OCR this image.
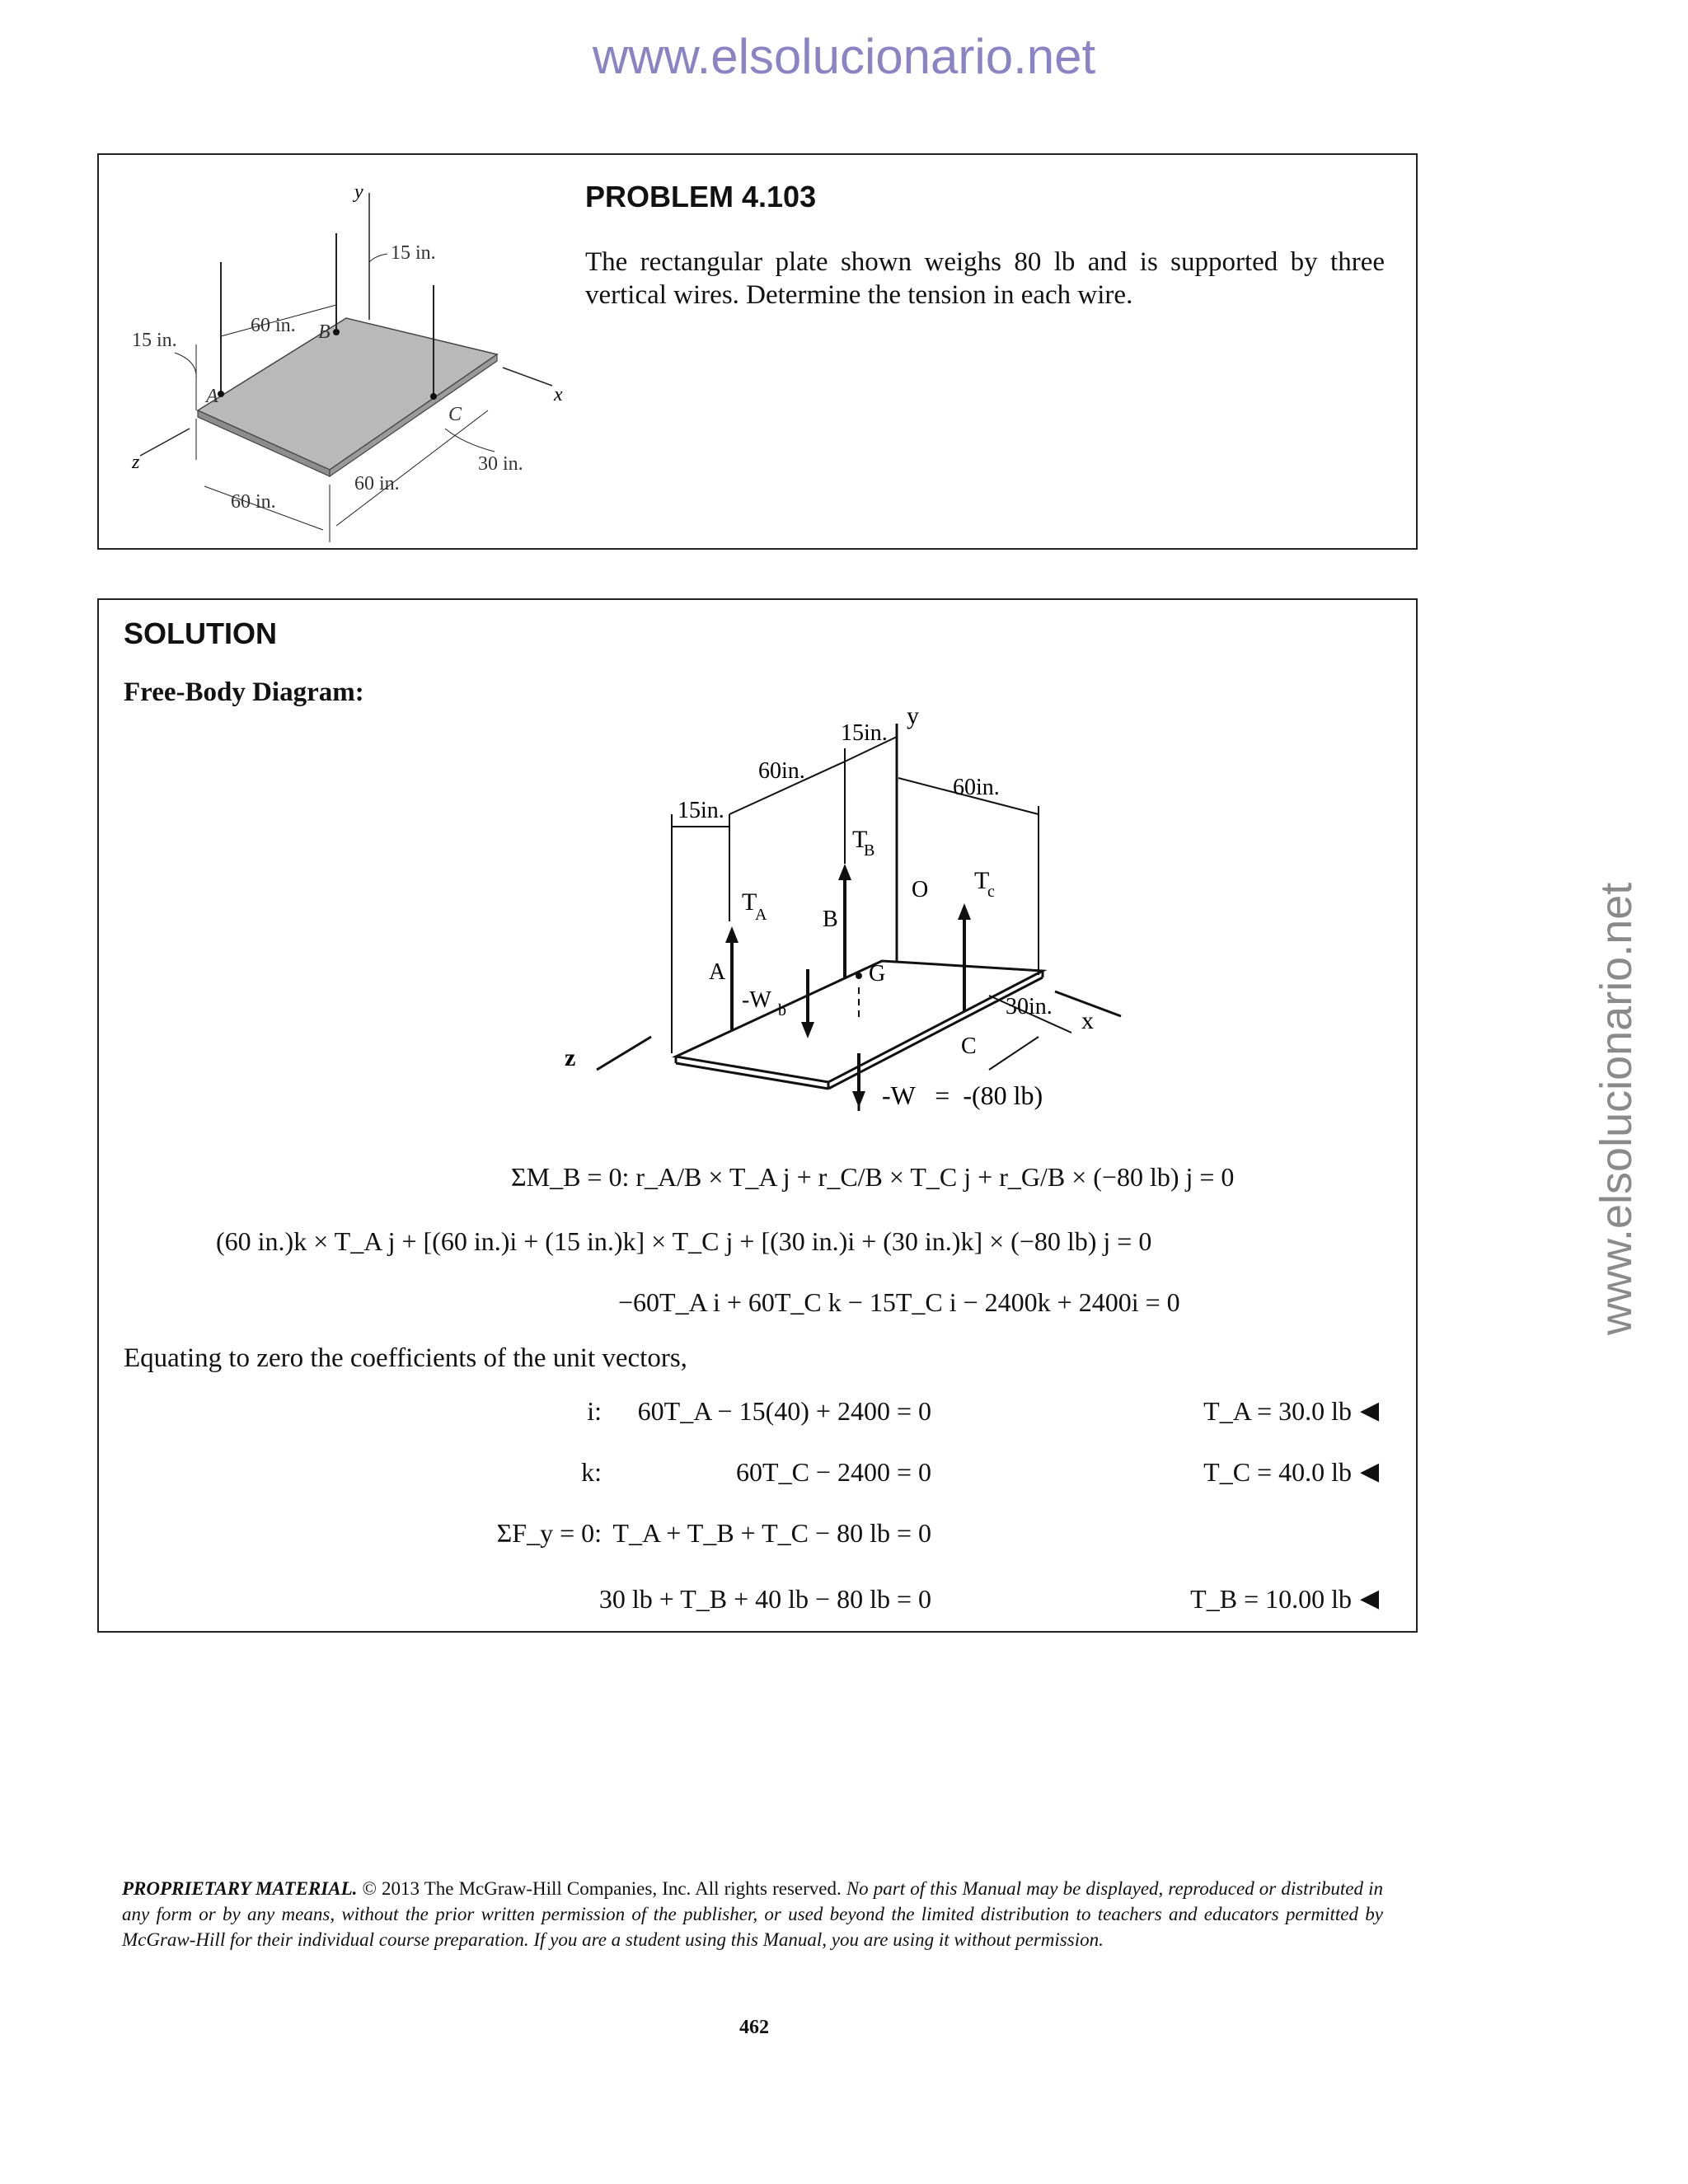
www.elsolucionario.net
www.elsolucionario.net
y
x
z
15 in.
60 in.
15 in.
A
B
C
30 in.
60 in.
60 in.
PROBLEM 4.103
The rectangular plate shown weighs 80 lb and is supported by three vertical wires. Determine the tension in each wire.
SOLUTION
Free-Body Diagram:
y
x
z
15in.
60in.
15in.
60in.
T
A
T
B
T
c
A
B
C
O
G
-W b	30in.
-W   =  -(80 lb)
ΣM_B = 0: r_A/B × T_A j + r_C/B × T_C j + r_G/B × (−80 lb) j = 0
(60 in.)k × T_A j + [(60 in.)i + (15 in.)k] × T_C j + [(30 in.)i + (30 in.)k] × (−80 lb) j = 0
−60T_A i + 60T_C k − 15T_C i − 2400k + 2400i = 0
Equating to zero the coefficients of the unit vectors,
i:	60T_A − 15(40) + 2400 = 0	T_A = 30.0 lb ◀
k:	60T_C − 2400 = 0	T_C = 40.0 lb ◀
ΣF_y = 0: T_A + T_B + T_C − 80 lb = 0
30 lb + T_B + 40 lb − 80 lb = 0	T_B = 10.00 lb ◀
PROPRIETARY MATERIAL. © 2013 The McGraw-Hill Companies, Inc. All rights reserved. No part of this Manual may be displayed, reproduced or distributed in any form or by any means, without the prior written permission of the publisher, or used beyond the limited distribution to teachers and educators permitted by McGraw-Hill for their individual course preparation. If you are a student using this Manual, you are using it without permission.
462
